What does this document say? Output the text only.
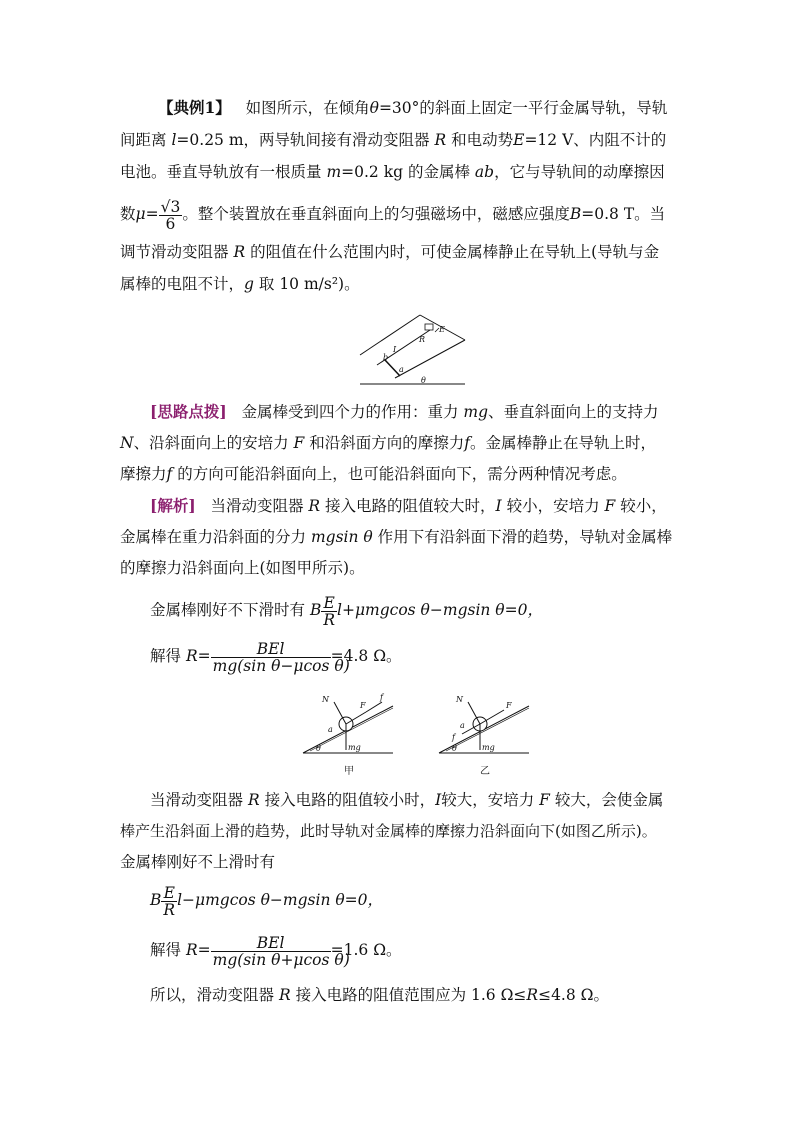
【典例1】 如图所示，在倾角θ=30°的斜面上固定一平行金属导轨，导轨
间距离 l=0.25 m，两导轨间接有滑动变阻器 R 和电动势E=12 V、内阻不计的
电池。垂直导轨放有一根质量 m=0.2 kg 的金属棒 ab，它与导轨间的动摩擦因
数$\mu= \frac{√3}{6}$ 。整个装置放在垂直斜面向上的匀强磁场中，磁感应强度B=0.8 T。当
调节滑动变阻器 R 的阻值在什么范围内时，可使金属棒静止在导轨上(导轨与金
属棒的电阻不计，g 取 10 m/s²)。
R
E
I
b
a
θ
[思路点拨] 金属棒受到四个力的作用：重力 mg、垂直斜面向上的支持力
N、沿斜面向上的安培力 F 和沿斜面方向的摩擦力f。金属棒静止在导轨上时，
摩擦力f 的方向可能沿斜面向上，也可能沿斜面向下，需分两种情况考虑。
[解析] 当滑动变阻器 R 接入电路的阻值较大时，I 较小，安培力 F 较小，
金属棒在重力沿斜面的分力 mgsin θ 作用下有沿斜面下滑的趋势，导轨对金属棒
的摩擦力沿斜面向上(如图甲所示)。
金属棒刚好不下滑时有 B $\frac{E}{R} l+\mu mgcos$ θ−mgsin θ=0，
解得 $R= \frac{\text{BEl}}{\text{mg(sin θ−μcos θ)}} =4.8$ Ω。
N
F
f
a
mg
θ
甲
N
F
f
a
mg
θ
乙
当滑动变阻器 R 接入电路的阻值较小时，I较大，安培力 F 较大，会使金属
棒产生沿斜面上滑的趋势，此时导轨对金属棒的摩擦力沿斜面向下(如图乙所示)。
金属棒刚好不上滑时有
B $\frac{E}{R} l-\mu mgcos$ θ−mgsin θ=0，
解得 $R= \frac{\text{BEl}}{\text{mg(sin θ+μcos θ)}} =1.6$ Ω。
所以，滑动变阻器 R 接入电路的阻值范围应为 1.6 Ω≤R≤4.8 Ω。
